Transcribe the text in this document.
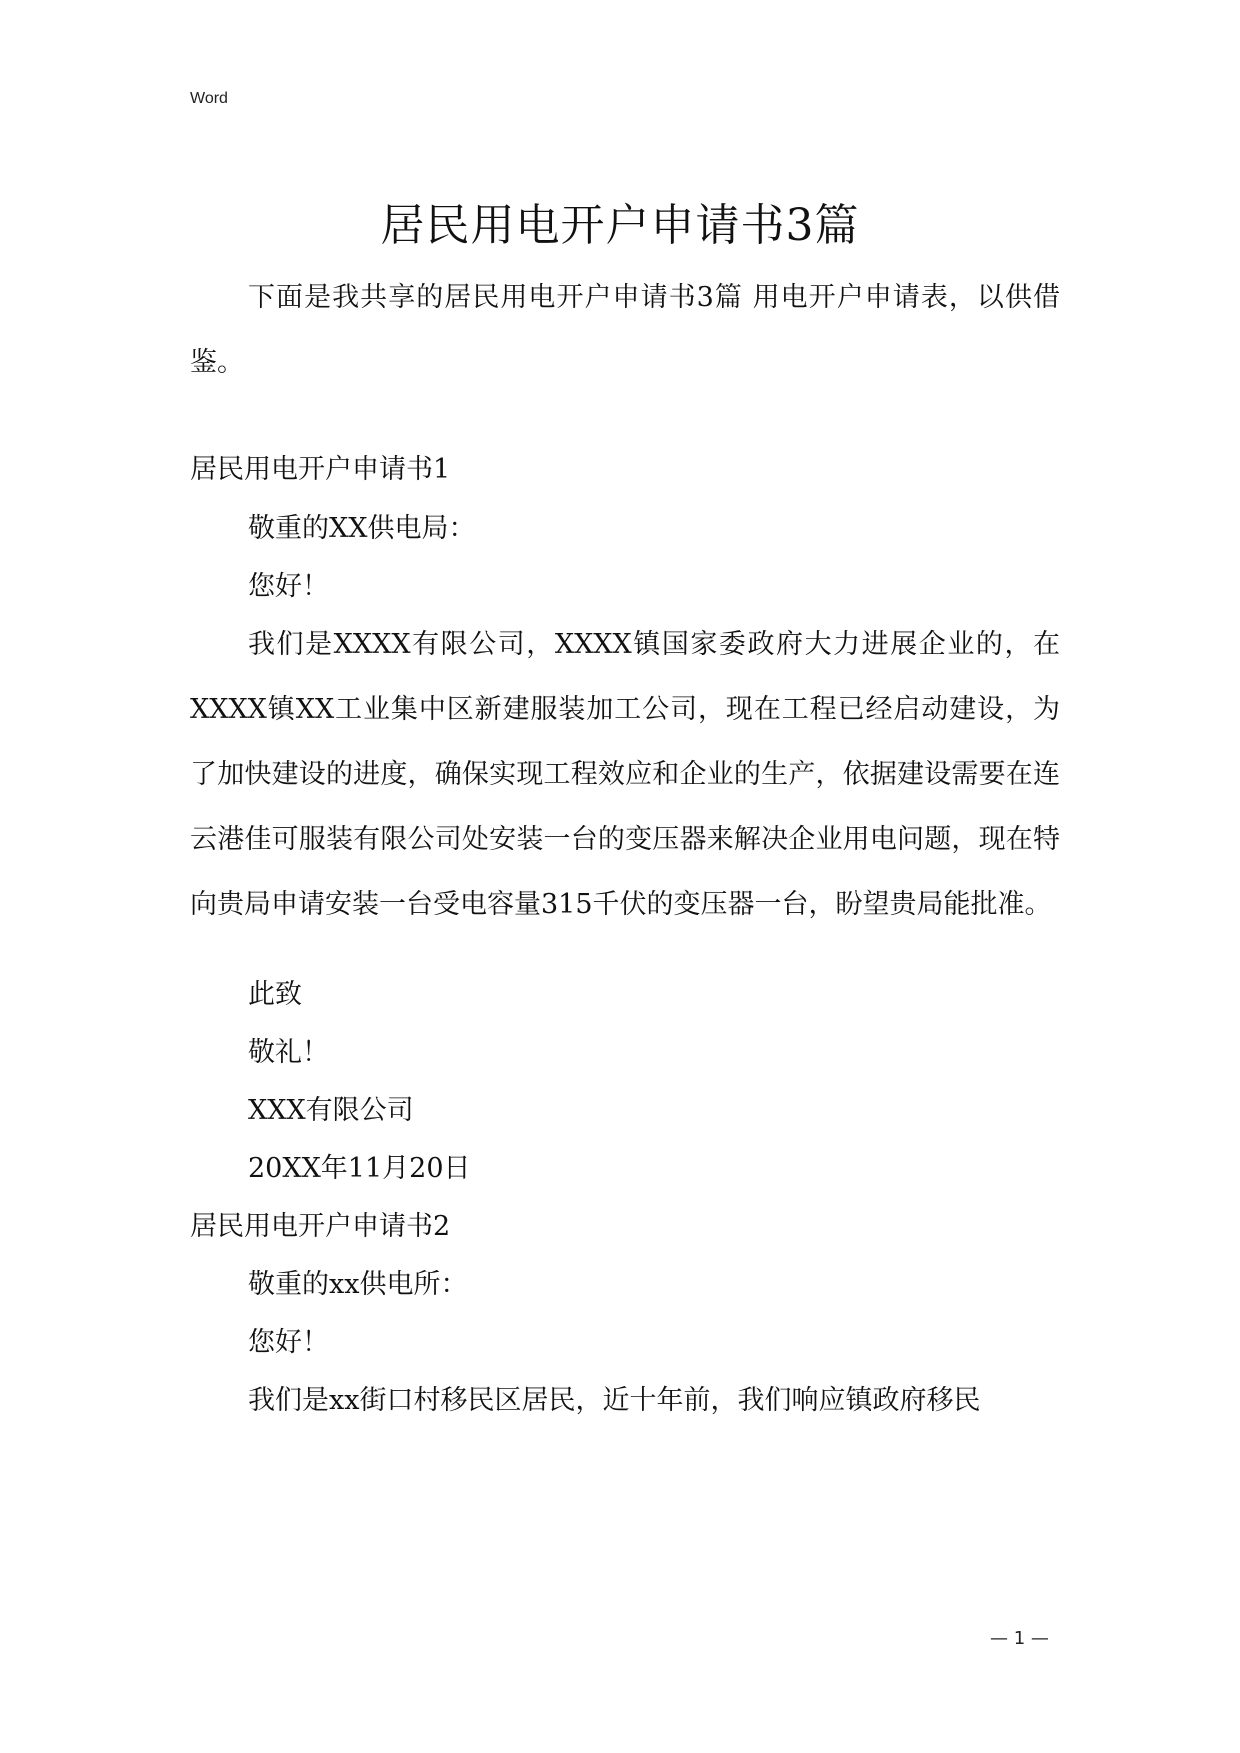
Word
居民用电开户申请书3篇

下面是我共享的居民用电开户申请书3篇 用电开户申请表，以供借鉴。

居民用电开户申请书1

敬重的XX供电局：

您好！

我们是XXXX有限公司，XXXX镇国家委政府大力进展企业的，在XXXX镇XX工业集中区新建服装加工公司，现在工程已经启动建设，为了加快建设的进度，确保实现工程效应和企业的生产，依据建设需要在连云港佳可服装有限公司处安装一台的变压器来解决企业用电问题，现在特向贵局申请安装一台受电容量315千伏的变压器一台，盼望贵局能批准。

此致

敬礼！

XXX有限公司

20XX年11月20日

居民用电开户申请书2

敬重的xx供电所：

您好！

我们是xx街口村移民区居民，近十年前，我们响应镇政府移民

— 1 —
